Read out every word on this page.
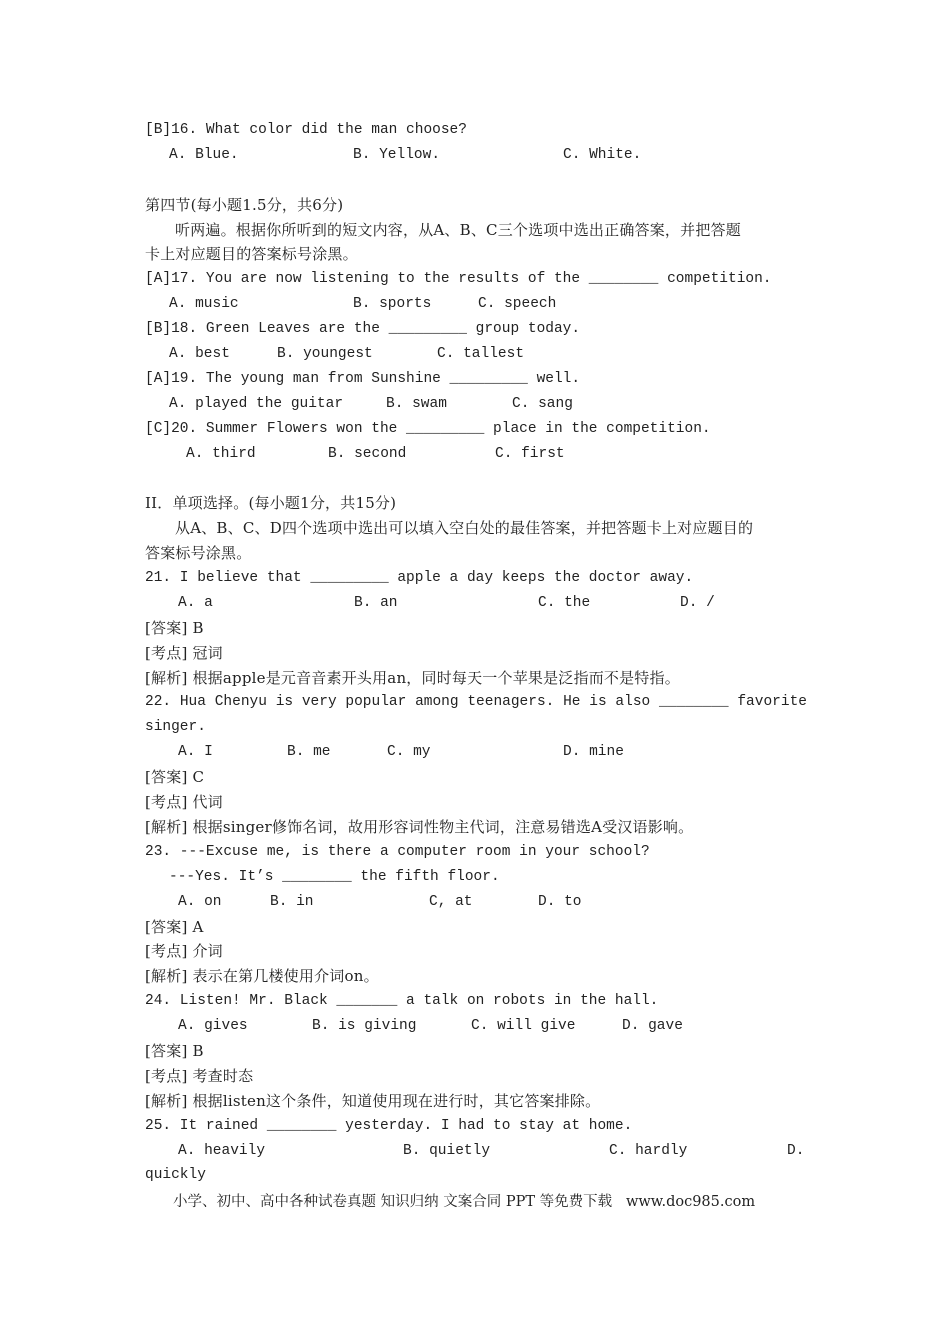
[B]16. What color did the man choose?

A. Blue.

	B. Yellow.

	C. White.

第四节(每小题1.5分，共6分)
听两遍。根据你所听到的短文内容，从A、B、C三个选项中选出正确答案，并把答题
卡上对应题目的答案标号涂黑。
[A]17. You are now listening to the results of the ________ competition.

A. music

	B. sports

	C. speech

[B]18. Green Leaves are the _________ group today.

A. best

	B. youngest

	C. tallest

[A]19. The young man from Sunshine _________ well.

A. played the guitar

	B. swam

	C. sang

[C]20. Summer Flowers won the _________ place in the competition.

A. third

	B. second

	C. first

II．单项选择。(每小题1分，共15分)
从A、B、C、D四个选项中选出可以填入空白处的最佳答案，并把答题卡上对应题目的
答案标号涂黑。
21. I believe that _________ apple a day keeps the doctor away.

A. a

	B. an

	C. the

	D. /

[答案] B
[考点] 冠词
[解析] 根据apple是元音音素开头用an，同时每天一个苹果是泛指而不是特指。
22. Hua Chenyu is very popular among teenagers. He is also ________ favorite
singer.

A. I

	B. me

	C. my

	D. mine

[答案] C
[考点] 代词
[解析] 根据singer修饰名词，故用形容词性物主代词，注意易错选A受汉语影响。
23. ---Excuse me, is there a computer room in your school?
---Yes. It’s ________ the fifth floor.

A. on

	B. in

	C, at

	D. to

[答案] A
[考点] 介词
[解析] 表示在第几楼使用介词on。
24. Listen! Mr. Black _______ a talk on robots in the hall.

A. gives

	B. is giving

	C. will give

	D. gave

[答案] B
[考点] 考查时态
[解析] 根据listen这个条件，知道使用现在进行时，其它答案排除。
25. It rained ________ yesterday. I had to stay at home.

A. heavily

	B. quietly

	C. hardly

	D.

quickly
小学、初中、高中各种试卷真题 知识归纳 文案合同 PPT 等免费下载   www.doc985.com
